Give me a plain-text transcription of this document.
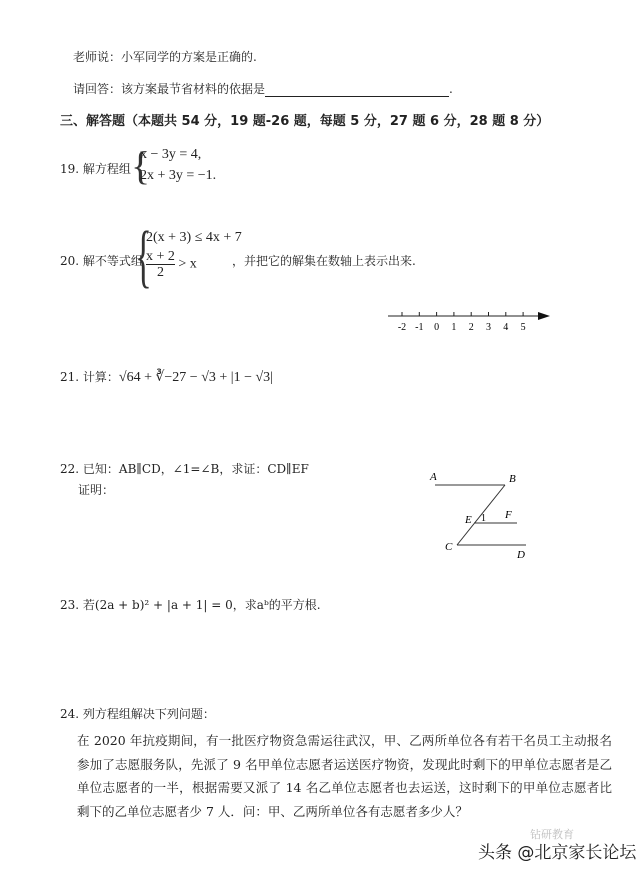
老师说：小军同学的方案是正确的.
请回答：该方案最节省材料的依据是	.
三、解答题（本题共 54 分，19 题-26 题，每题 5 分，27 题 6 分，28 题 8 分）
19. 解方程组 {
x − 3y = 4,
2x + 3y = −1.
20. 解不等式组
{
2(x + 3) ≤ 4x + 7
$\frac{x + 2}{2} > x$	，并把它的解集在数轴上表示出来.
-2 -1 0 1 2 3 4 5
21. 计算：√64 + ∛−27 − √3 + |1 − √3|
22. 已知：AB∥CD，∠1=∠B，求证：CD∥EF
证明：
A	B
E 1 F
C
D
23. 若(2a + b)² + |a + 1| = 0，求aᵇ的平方根.
24. 列方程组解决下列问题：
在 2020 年抗疫期间，有一批医疗物资急需运往武汉，甲、乙两所单位各有若干名员工主动报名参加了志愿服务队，先派了 9 名甲单位志愿者运送医疗物资，发现此时剩下的甲单位志愿者是乙单位志愿者的一半，根据需要又派了 14 名乙单位志愿者也去运送，这时剩下的甲单位志愿者比剩下的乙单位志愿者少 7 人．问：甲、乙两所单位各有志愿者多少人？
钻研教育
头条 @北京家长论坛
